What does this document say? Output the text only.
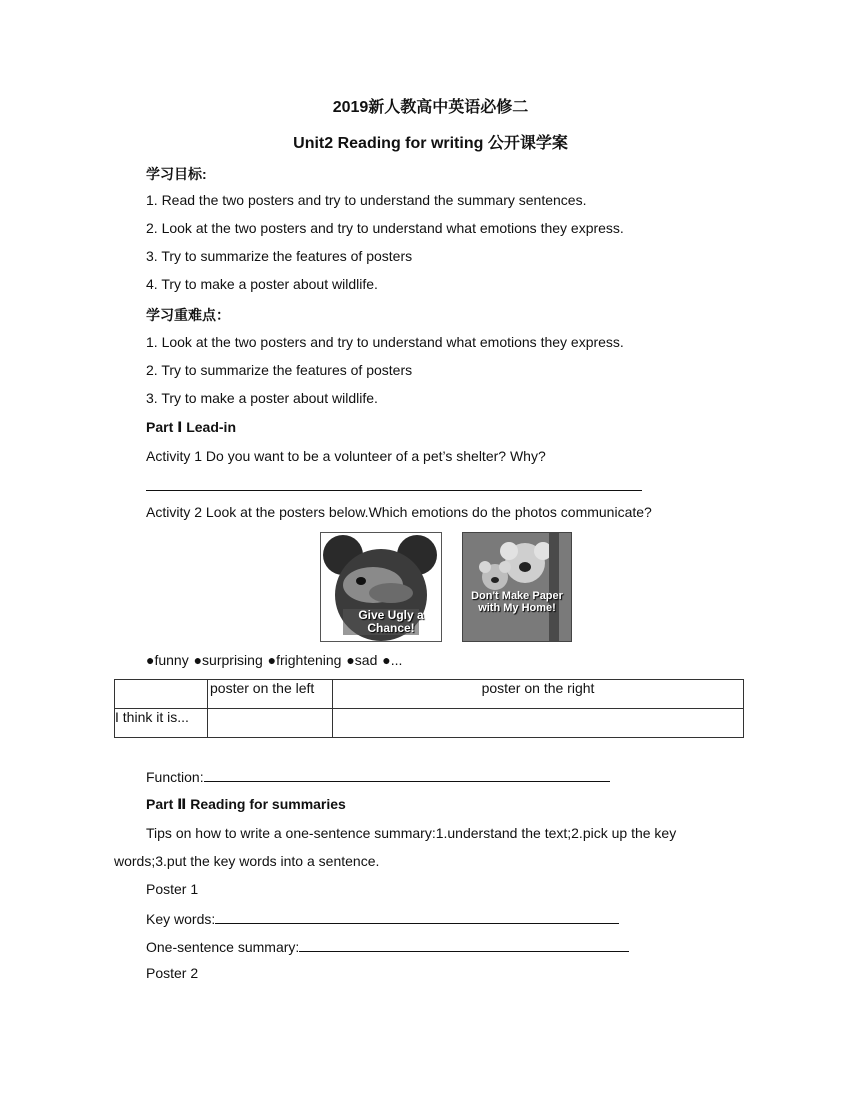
2019新人教高中英语必修二
Unit2 Reading for writing 公开课学案
学习目标:
1. Read the two posters and try to understand the summary sentences.
2. Look at the two posters and try to understand what emotions they express.
3. Try to summarize the features of posters
4. Try to make a poster about wildlife.
学习重难点：
1. Look at the two posters and try to understand what emotions they express.
2. Try to summarize the features of posters
3. Try to make a poster about wildlife.
Part Ⅰ Lead-in
Activity 1 Do you want to be a volunteer of a pet’s shelter? Why?
Activity 2 Look at the posters below.Which emotions do the photos communicate?
Give Ugly a Chance!
Don't Make Paper with My Home!
●funny ●surprising ●frightening ●sad ●...
	poster on the left	poster on the right
I think it is...		
Function:
Part Ⅱ Reading for summaries
Tips on how to write a one-sentence summary:1.understand the text;2.pick up the key
words;3.put the key words into a sentence.
Poster 1
Key words:
One-sentence summary:
Poster 2
